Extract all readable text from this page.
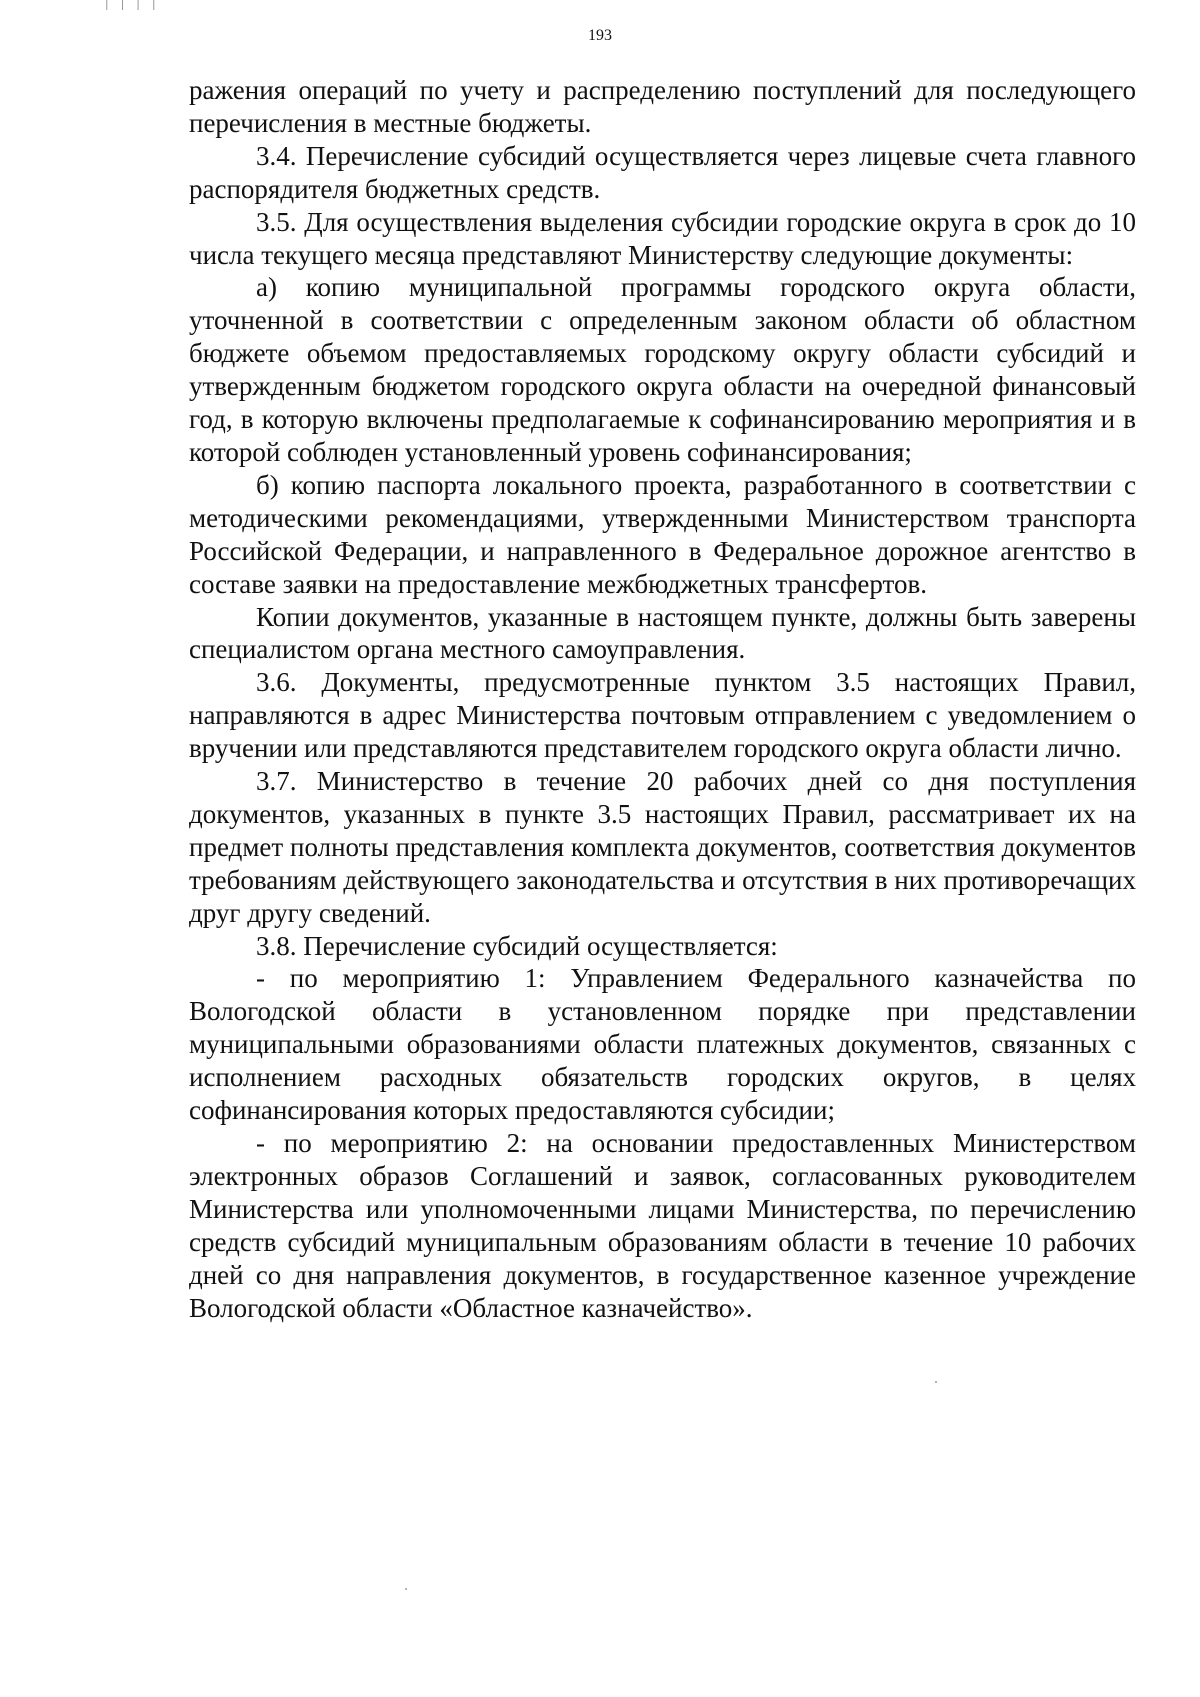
׀ ׀ ׀ ׀
193

ражения операций по учету и распределению поступлений для последующего перечисления в местные бюджеты.

3.4. Перечисление субсидий осуществляется через лицевые счета главного распорядителя бюджетных средств.

3.5. Для осуществления выделения субсидии городские округа в срок до 10 числа текущего месяца представляют Министерству следующие документы:

а) копию муниципальной программы городского округа области, уточненной в соответствии с определенным законом области об областном бюджете объемом предоставляемых городскому округу области субсидий и утвержденным бюджетом городского округа области на очередной финансовый год, в которую включены предполагаемые к софинансированию мероприятия и в которой соблюден установленный уровень софинансирования;

б) копию паспорта локального проекта, разработанного в соответствии с методическими рекомендациями, утвержденными Министерством транспорта Российской Федерации, и направленного в Федеральное дорожное агентство в составе заявки на предоставление межбюджетных трансфертов.

Копии документов, указанные в настоящем пункте, должны быть заверены специалистом органа местного самоуправления.

3.6. Документы, предусмотренные пунктом 3.5 настоящих Правил, направляются в адрес Министерства почтовым отправлением с уведомлением о вручении или представляются представителем городского округа области лично.

3.7. Министерство в течение 20 рабочих дней со дня поступления документов, указанных в пункте 3.5 настоящих Правил, рассматривает их на предмет полноты представления комплекта документов, соответствия документов требованиям действующего законодательства и отсутствия в них противоречащих друг другу сведений.

3.8. Перечисление субсидий осуществляется:

- по мероприятию 1: Управлением Федерального казначейства по Вологодской области в установленном порядке при представлении муниципальными образованиями области платежных документов, связанных с исполнением расходных обязательств городских округов, в целях софинансирования которых предоставляются субсидии;

- по мероприятию 2: на основании предоставленных Министерством электронных образов Соглашений и заявок, согласованных руководителем Министерства или уполномоченными лицами Министерства, по перечислению средств субсидий муниципальным образованиям области в течение 10 рабочих дней со дня направления документов, в государственное казенное учреждение Вологодской области «Областное казначейство».
